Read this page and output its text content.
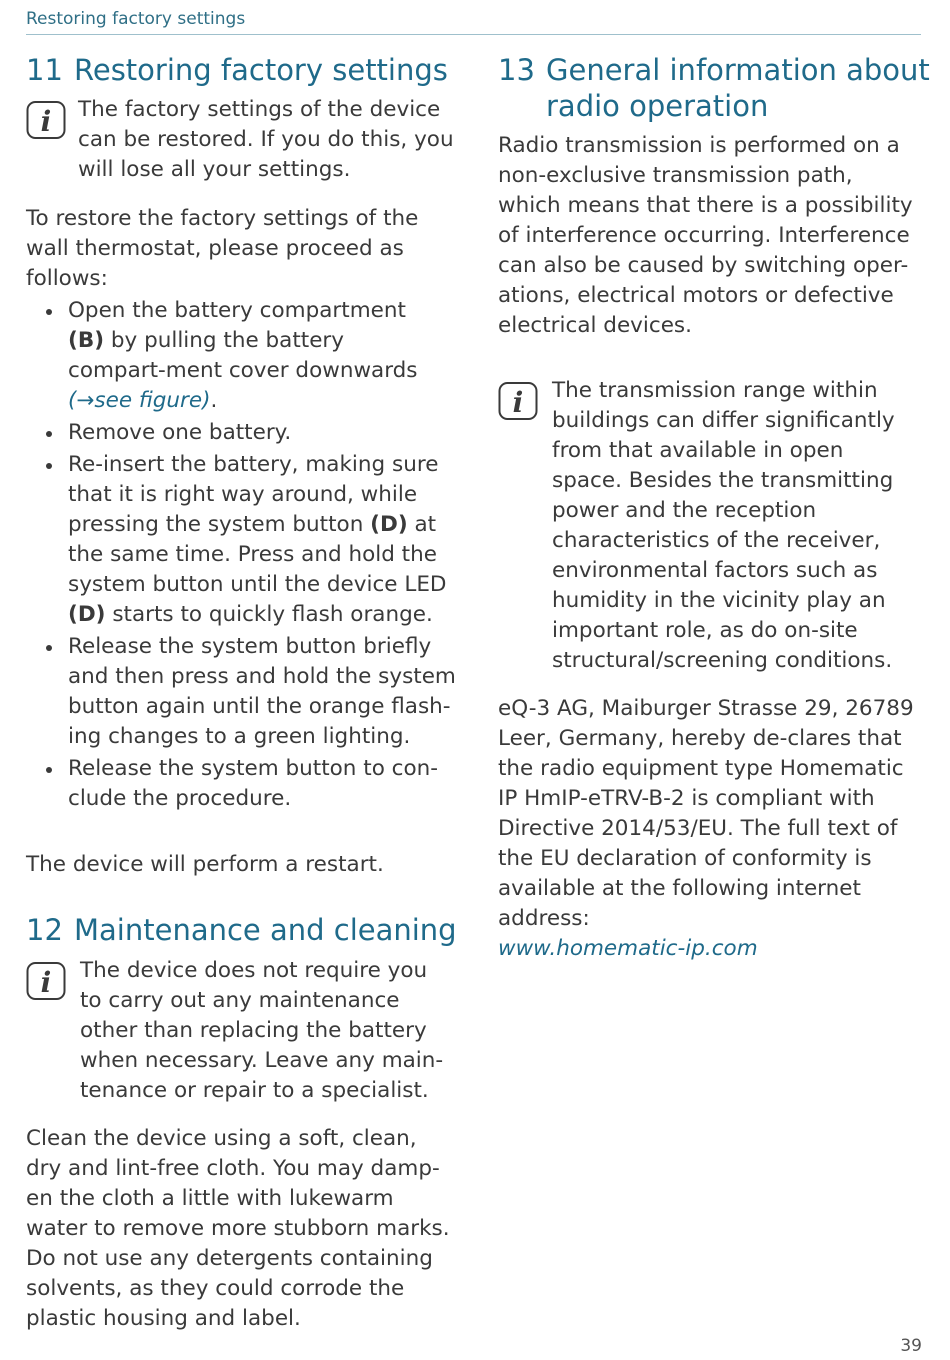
Restoring factory settings
11 Restoring factory settings
i The factory settings of the device can be restored. If you do this, you will lose all your settings.

To restore the factory settings of the wall thermostat, please proceed as follows:

Open the battery compartment (B) by pulling the battery compart-ment cover downwards
(→see figure).
Remove one battery.
Re-insert the battery, making sure that it is right way around, while pressing the system button (D) at the same time. Press and hold the system button until the device LED (D) starts to quickly flash orange.
Release the system button briefly and then press and hold the system button again until the orange flash-ing changes to a green lighting.
Release the system button to con-clude the procedure.

The device will perform a restart.

12 Maintenance and cleaning
i The device does not require you to carry out any maintenance other than replacing the battery when necessary. Leave any main-tenance or repair to a specialist.

Clean the device using a soft, clean, dry and lint-free cloth. You may damp-en the cloth a little with lukewarm water to remove more stubborn marks. Do not use any detergents containing solvents, as they could corrode the plastic housing and label.

13 General information about radio operation

Radio transmission is performed on a non-exclusive transmission path, which means that there is a possibility of interference occurring. Interference can also be caused by switching oper-ations, electrical motors or defective electrical devices.

i The transmission range within buildings can differ significantly from that available in open space. Besides the transmitting power and the reception characteristics of the receiver, environmental factors such as humidity in the vicinity play an important role, as do on-site structural/screening conditions.

eQ-3 AG, Maiburger Strasse 29, 26789 Leer, Germany, hereby de-clares that the radio equipment type Homematic IP HmIP-eTRV-B-2 is compliant with Directive 2014/53/EU. The full text of the EU declaration of conformity is available at the following internet address:

www.homematic-ip.com
39
